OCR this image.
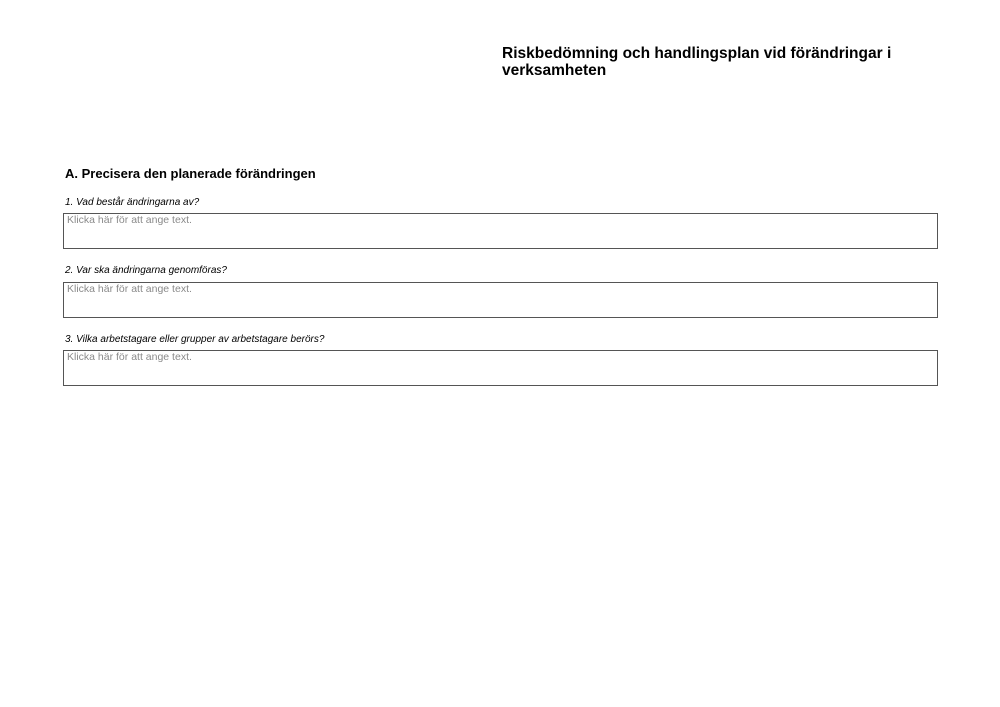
Riskbedömning och handlingsplan vid förändringar i verksamheten
A. Precisera den planerade förändringen
1. Vad består ändringarna av?
Klicka här för att ange text.
2. Var ska ändringarna genomföras?
Klicka här för att ange text.
3. Vilka arbetstagare eller grupper av arbetstagare berörs?
Klicka här för att ange text.
